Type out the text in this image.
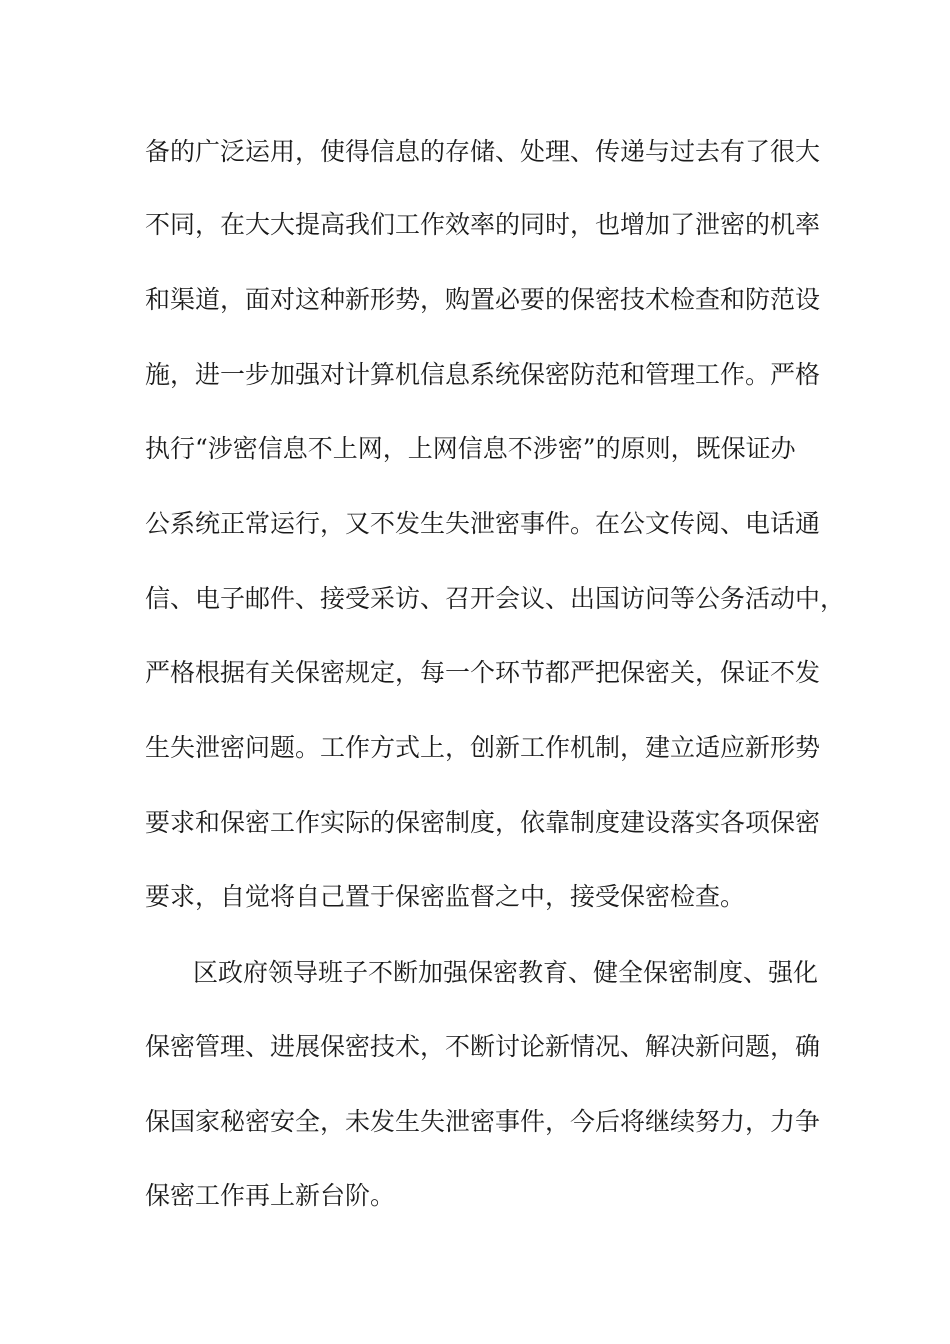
备的广泛运用，使得信息的存储、处理、传递与过去有了很大
不同，在大大提高我们工作效率的同时，也增加了泄密的机率
和渠道，面对这种新形势，购置必要的保密技术检查和防范设
施，进一步加强对计算机信息系统保密防范和管理工作。严格
执行“涉密信息不上网，上网信息不涉密”的原则，既保证办
公系统正常运行，又不发生失泄密事件。在公文传阅、电话通
信、电子邮件、接受采访、召开会议、出国访问等公务活动中，
严格根据有关保密规定，每一个环节都严把保密关，保证不发
生失泄密问题。工作方式上，创新工作机制，建立适应新形势
要求和保密工作实际的保密制度，依靠制度建设落实各项保密
要求，自觉将自己置于保密监督之中，接受保密检查。
区政府领导班子不断加强保密教育、健全保密制度、强化
保密管理、进展保密技术，不断讨论新情况、解决新问题，确
保国家秘密安全，未发生失泄密事件，今后将继续努力，力争
保密工作再上新台阶。
